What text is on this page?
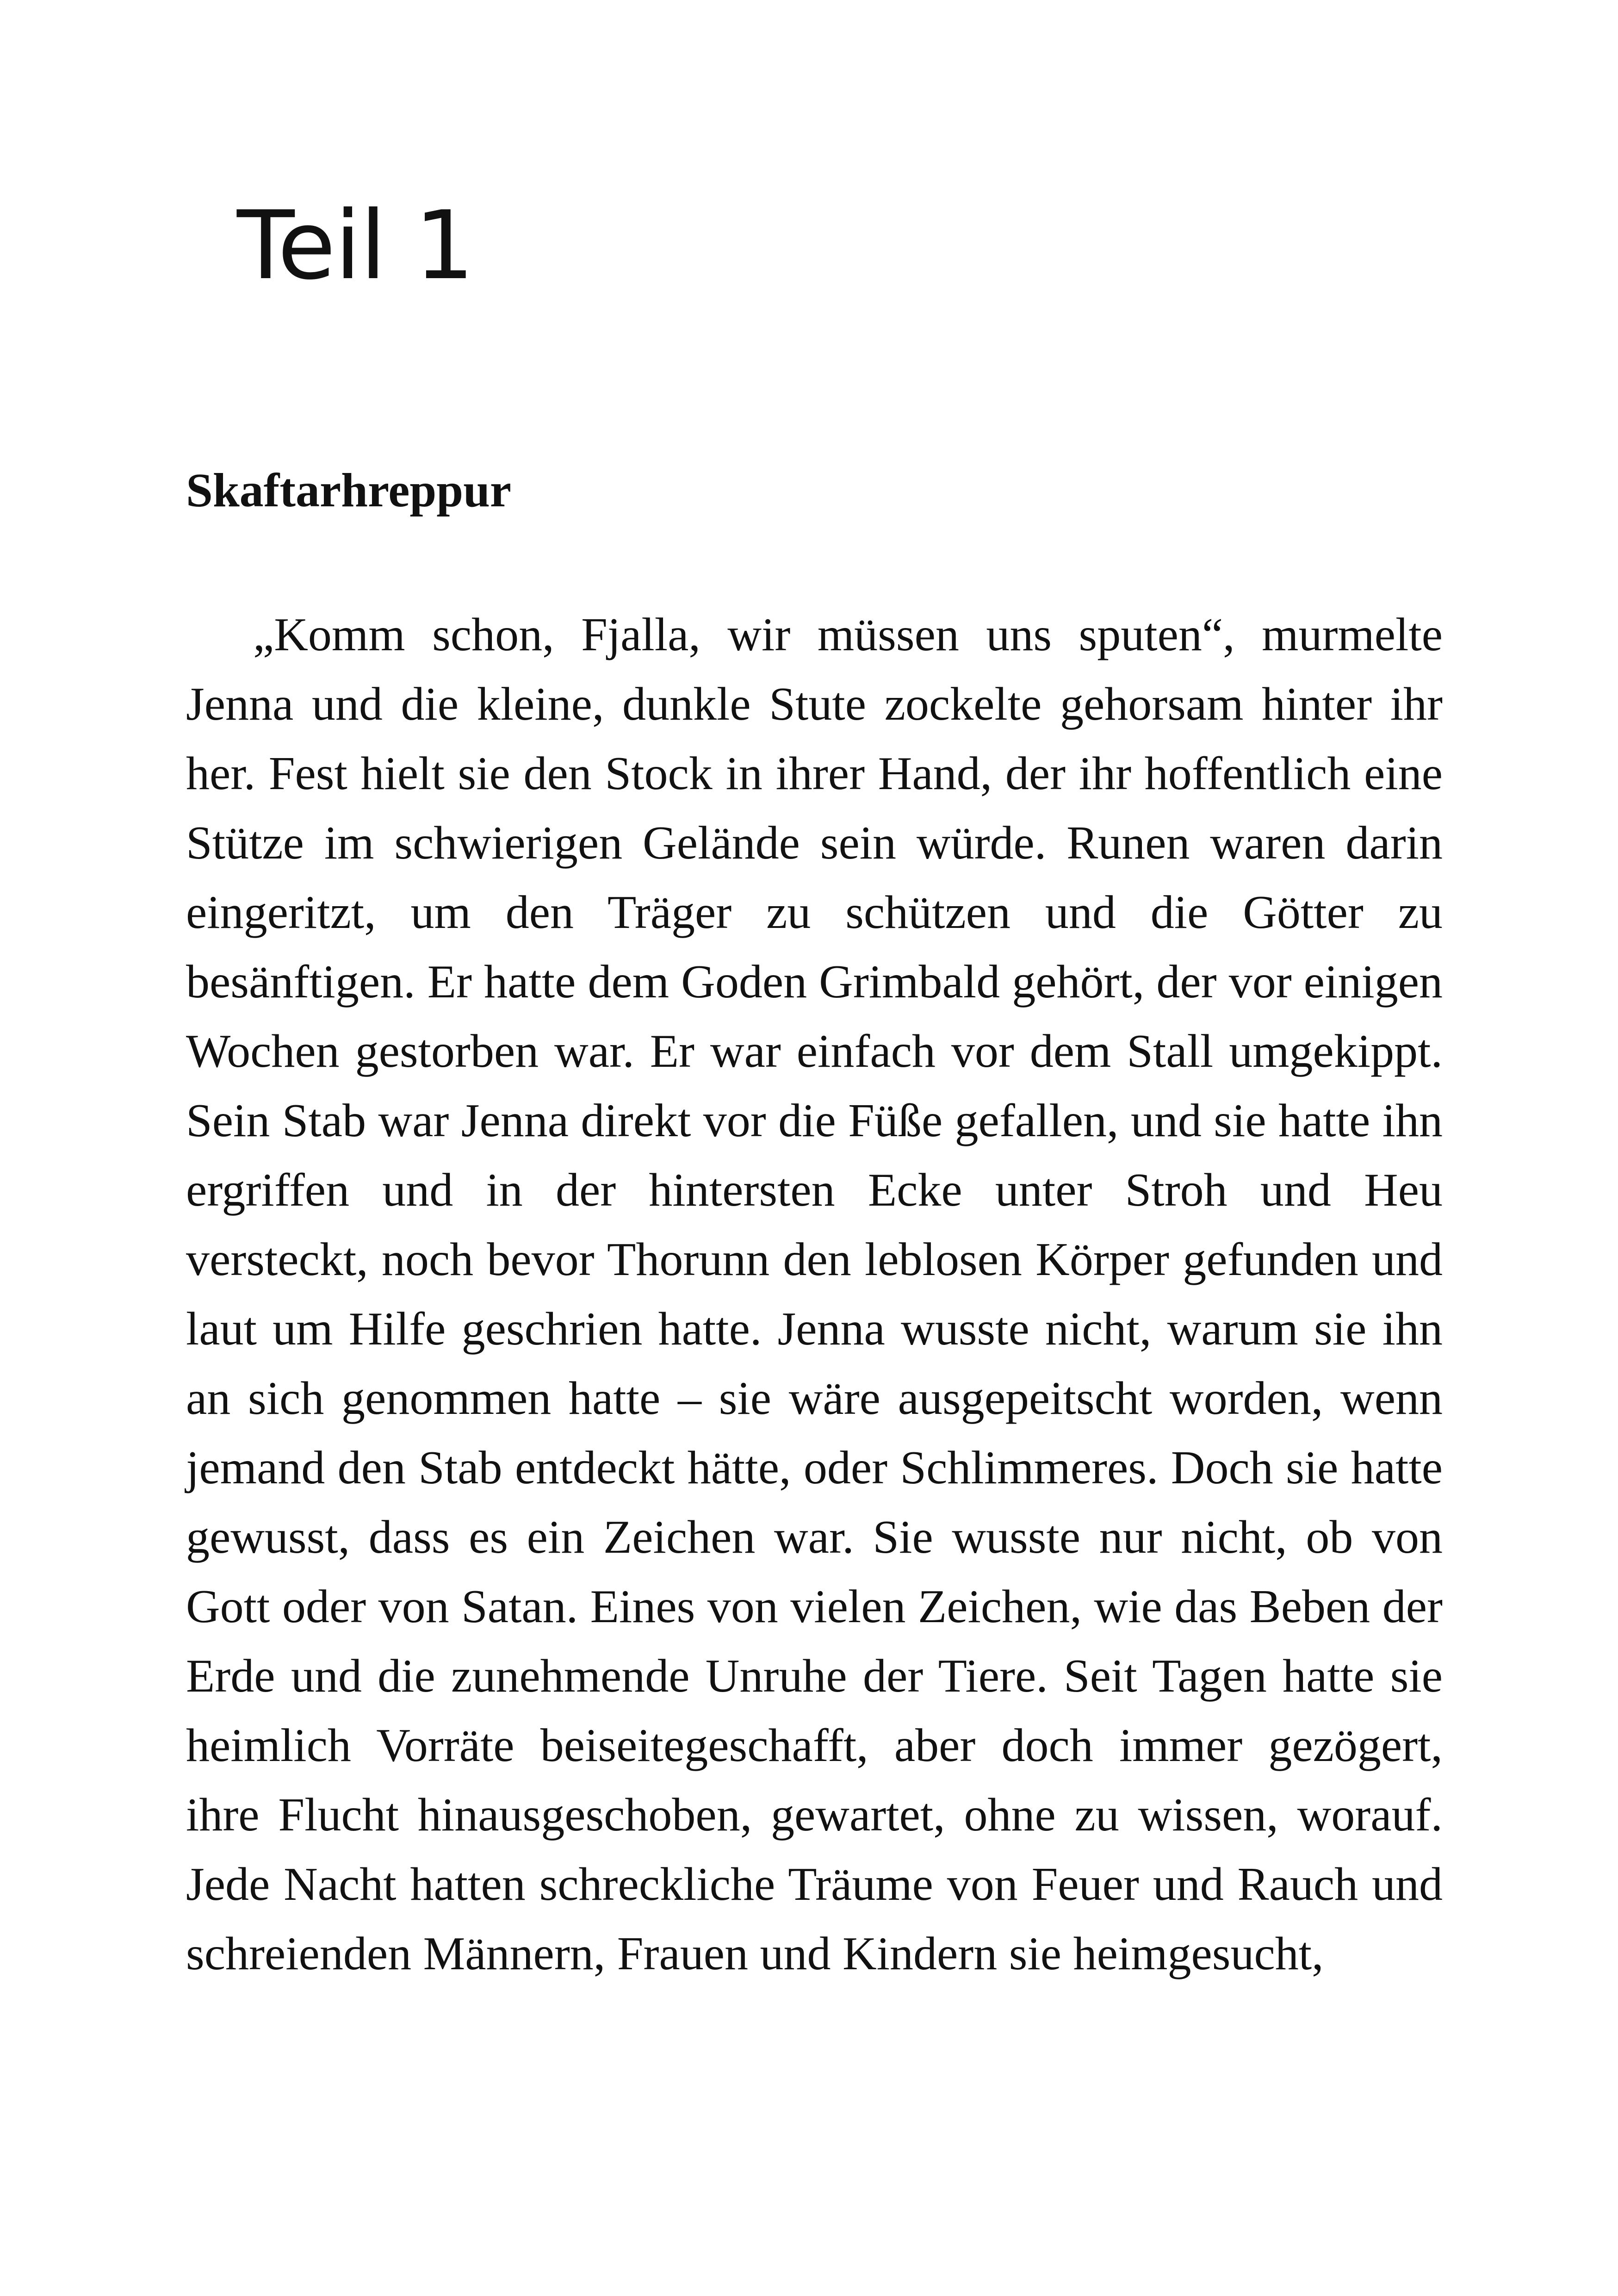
Teil 1
Skaftarhreppur

„Komm schon, Fjalla, wir müssen uns sputen“, murmelte Jenna und die kleine, dunkle Stute zockelte gehorsam hinter ihr her. Fest hielt sie den Stock in ihrer Hand, der ihr hoffentlich eine Stütze im schwierigen Gelände sein würde. Runen waren darin eingeritzt, um den Träger zu schützen und die Götter zu besänftigen. Er hatte dem Goden Grimbald gehört, der vor einigen Wochen gestorben war. Er war einfach vor dem Stall umgekippt. Sein Stab war Jenna direkt vor die Füße gefallen, und sie hatte ihn ergriffen und in der hintersten Ecke unter Stroh und Heu versteckt, noch bevor Thorunn den leblosen Körper gefunden und laut um Hilfe geschrien hatte. Jenna wusste nicht, warum sie ihn an sich genommen hatte – sie wäre ausgepeitscht worden, wenn jemand den Stab entdeckt hätte, oder Schlimmeres. Doch sie hatte gewusst, dass es ein Zeichen war. Sie wusste nur nicht, ob von Gott oder von Satan. Eines von vielen Zeichen, wie das Beben der Erde und die zunehmende Unruhe der Tiere. Seit Tagen hatte sie heimlich Vorräte beiseitegeschafft, aber doch immer gezögert, ihre Flucht hinausgeschoben, gewartet, ohne zu wissen, worauf. Jede Nacht hatten schreckliche Träume von Feuer und Rauch und schreienden Männern, Frauen und Kindern sie heimgesucht,
